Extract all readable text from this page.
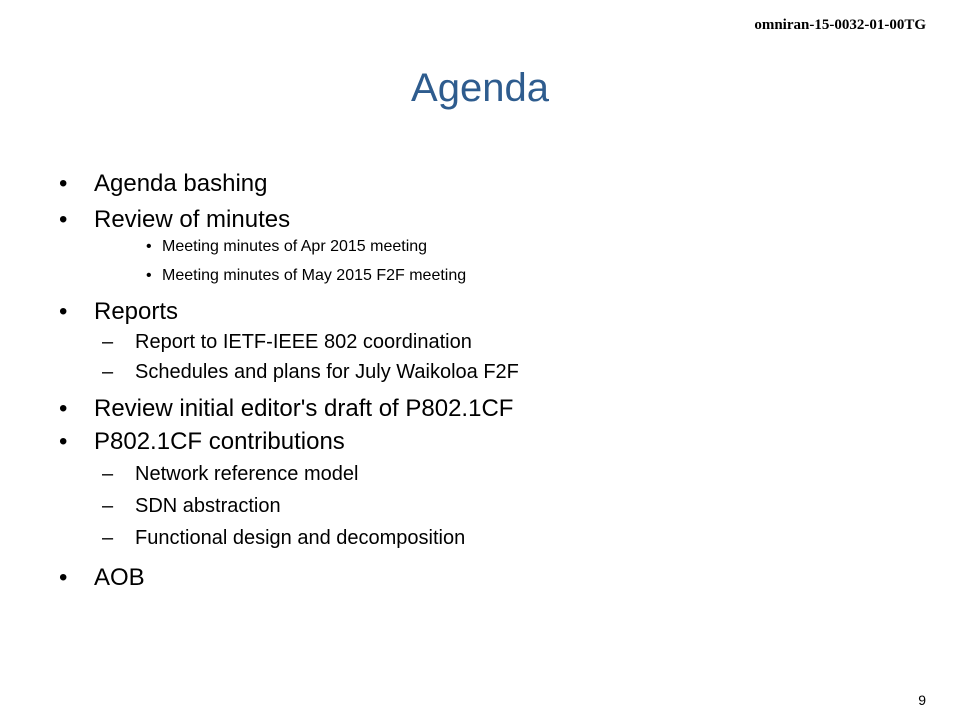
omniran-15-0032-01-00TG
Agenda
• Agenda bashing
• Review of minutes
• Meeting minutes of Apr 2015 meeting
• Meeting minutes of May 2015 F2F meeting
• Reports
– Report to IETF-IEEE 802 coordination
– Schedules and plans for July Waikoloa F2F
• Review initial editor's draft of P802.1CF
• P802.1CF contributions
– Network reference model
– SDN abstraction
– Functional design and decomposition
• AOB
9
